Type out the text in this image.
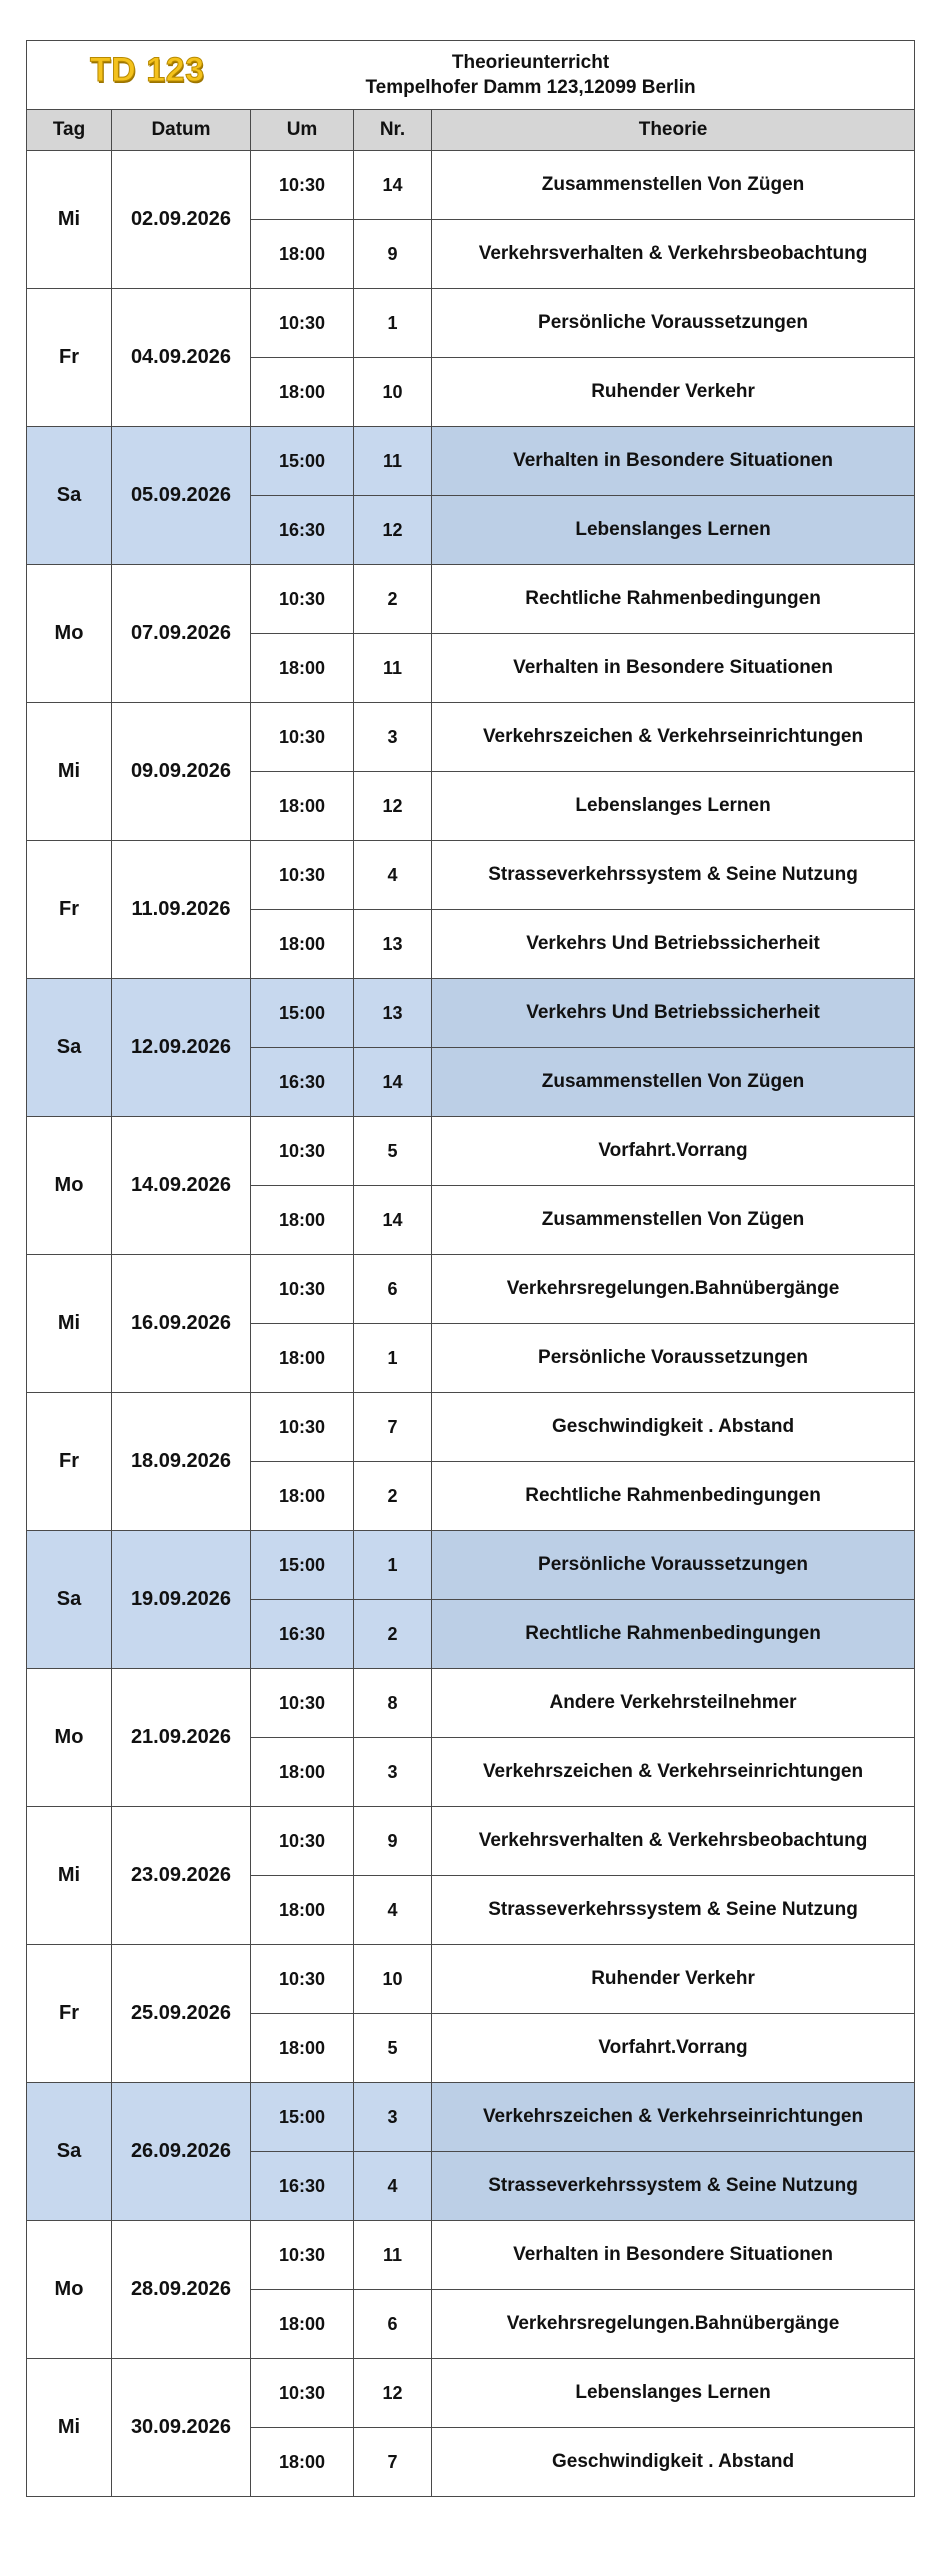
TD 123 Theorieunterricht
Tempelhofer Damm 123,12099 Berlin				

Tag	Datum	Um	Nr.	Theorie
Mi	02.09.2026	10:30	14	Zusammenstellen Von Zügen
		18:00	9	Verkehrsverhalten & Verkehrsbeobachtung
Fr	04.09.2026	10:30	1	Persönliche Voraussetzungen
		18:00	10	Ruhender Verkehr
Sa	05.09.2026	15:00	11	Verhalten in Besondere Situationen
		16:30	12	Lebenslanges Lernen
Mo	07.09.2026	10:30	2	Rechtliche Rahmenbedingungen
		18:00	11	Verhalten in Besondere Situationen
Mi	09.09.2026	10:30	3	Verkehrszeichen & Verkehrseinrichtungen
		18:00	12	Lebenslanges Lernen
Fr	11.09.2026	10:30	4	Strasseverkehrssystem & Seine Nutzung
		18:00	13	Verkehrs Und Betriebssicherheit
Sa	12.09.2026	15:00	13	Verkehrs Und Betriebssicherheit
		16:30	14	Zusammenstellen Von Zügen
Mo	14.09.2026	10:30	5	Vorfahrt.Vorrang
		18:00	14	Zusammenstellen Von Zügen
Mi	16.09.2026	10:30	6	Verkehrsregelungen.Bahnübergänge
		18:00	1	Persönliche Voraussetzungen
Fr	18.09.2026	10:30	7	Geschwindigkeit . Abstand
		18:00	2	Rechtliche Rahmenbedingungen
Sa	19.09.2026	15:00	1	Persönliche Voraussetzungen
		16:30	2	Rechtliche Rahmenbedingungen
Mo	21.09.2026	10:30	8	Andere Verkehrsteilnehmer
		18:00	3	Verkehrszeichen & Verkehrseinrichtungen
Mi	23.09.2026	10:30	9	Verkehrsverhalten & Verkehrsbeobachtung
		18:00	4	Strasseverkehrssystem & Seine Nutzung
Fr	25.09.2026	10:30	10	Ruhender Verkehr
		18:00	5	Vorfahrt.Vorrang
Sa	26.09.2026	15:00	3	Verkehrszeichen & Verkehrseinrichtungen
		16:30	4	Strasseverkehrssystem & Seine Nutzung
Mo	28.09.2026	10:30	11	Verhalten in Besondere Situationen
		18:00	6	Verkehrsregelungen.Bahnübergänge
Mi	30.09.2026	10:30	12	Lebenslanges Lernen
		18:00	7	Geschwindigkeit . Abstand
